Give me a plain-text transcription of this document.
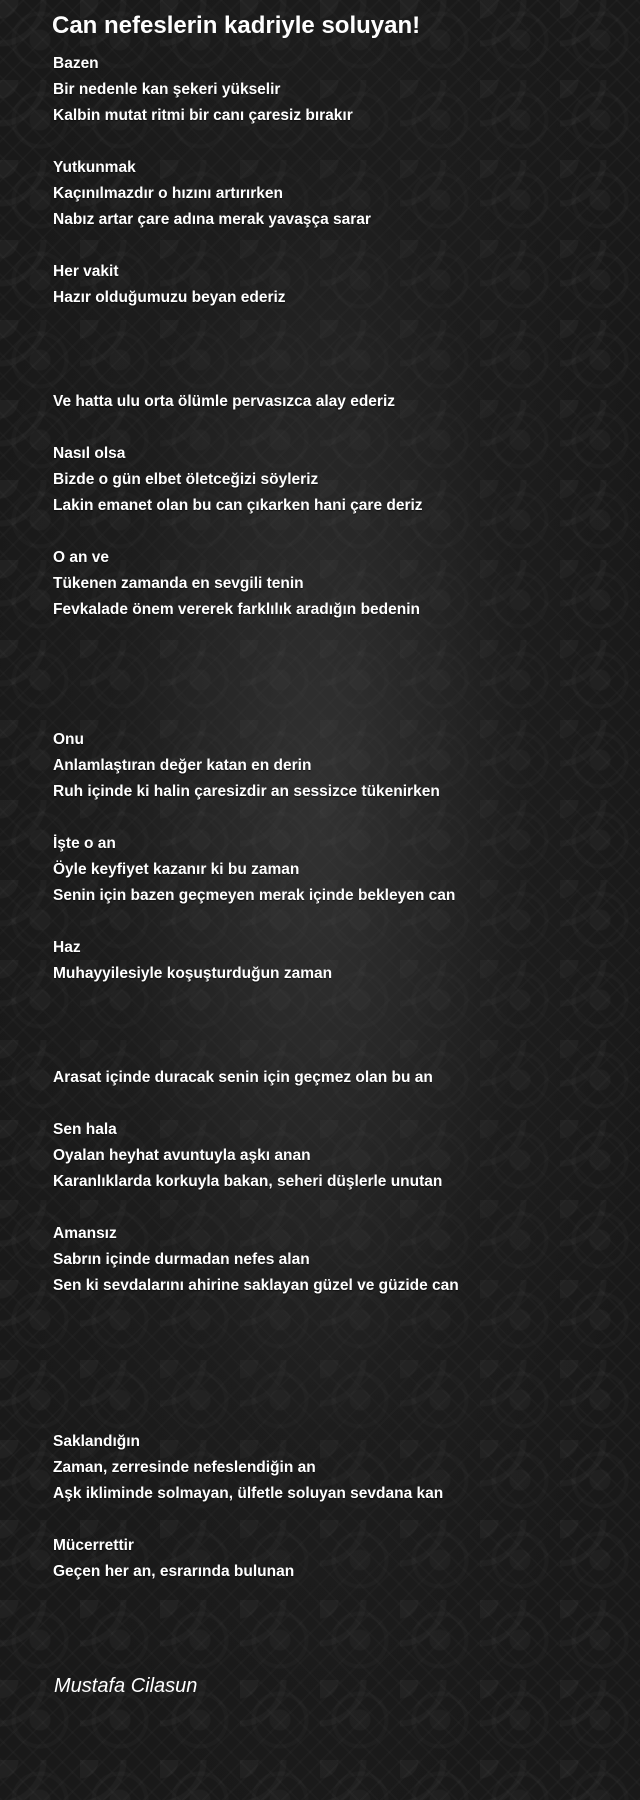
Can nefeslerin kadriyle soluyan!
Bazen
Bir nedenle kan şekeri yükselir
Kalbin mutat ritmi bir canı çaresiz bırakır
Yutkunmak
Kaçınılmazdır o hızını artırırken
Nabız artar çare adına merak yavaşça sarar
Her vakit
Hazır olduğumuzu beyan ederiz
Ve hatta ulu orta ölümle pervasızca alay ederiz
Nasıl olsa
Bizde o gün elbet öletceğizi söyleriz
Lakin emanet olan bu can çıkarken hani çare deriz
O an ve
Tükenen zamanda en sevgili tenin
Fevkalade önem vererek farklılık aradığın bedenin
Onu
Anlamlaştıran değer katan en derin
Ruh içinde ki halin çaresizdir an sessizce tükenirken
İşte o an
Öyle keyfiyet kazanır ki bu zaman
Senin için bazen geçmeyen merak içinde bekleyen can
Haz
Muhayyilesiyle koşuşturduğun zaman
Arasat içinde duracak senin için geçmez olan bu an
Sen hala
Oyalan heyhat avuntuyla aşkı anan
Karanlıklarda korkuyla bakan, seheri düşlerle unutan
Amansız
Sabrın içinde durmadan nefes alan
Sen ki sevdalarını ahirine saklayan güzel ve güzide can
Saklandığın
Zaman, zerresinde nefeslendiğin an
Aşk ikliminde solmayan, ülfetle soluyan sevdana kan
Mücerrettir
Geçen her an, esrarında bulunan

Mustafa Cilasun
